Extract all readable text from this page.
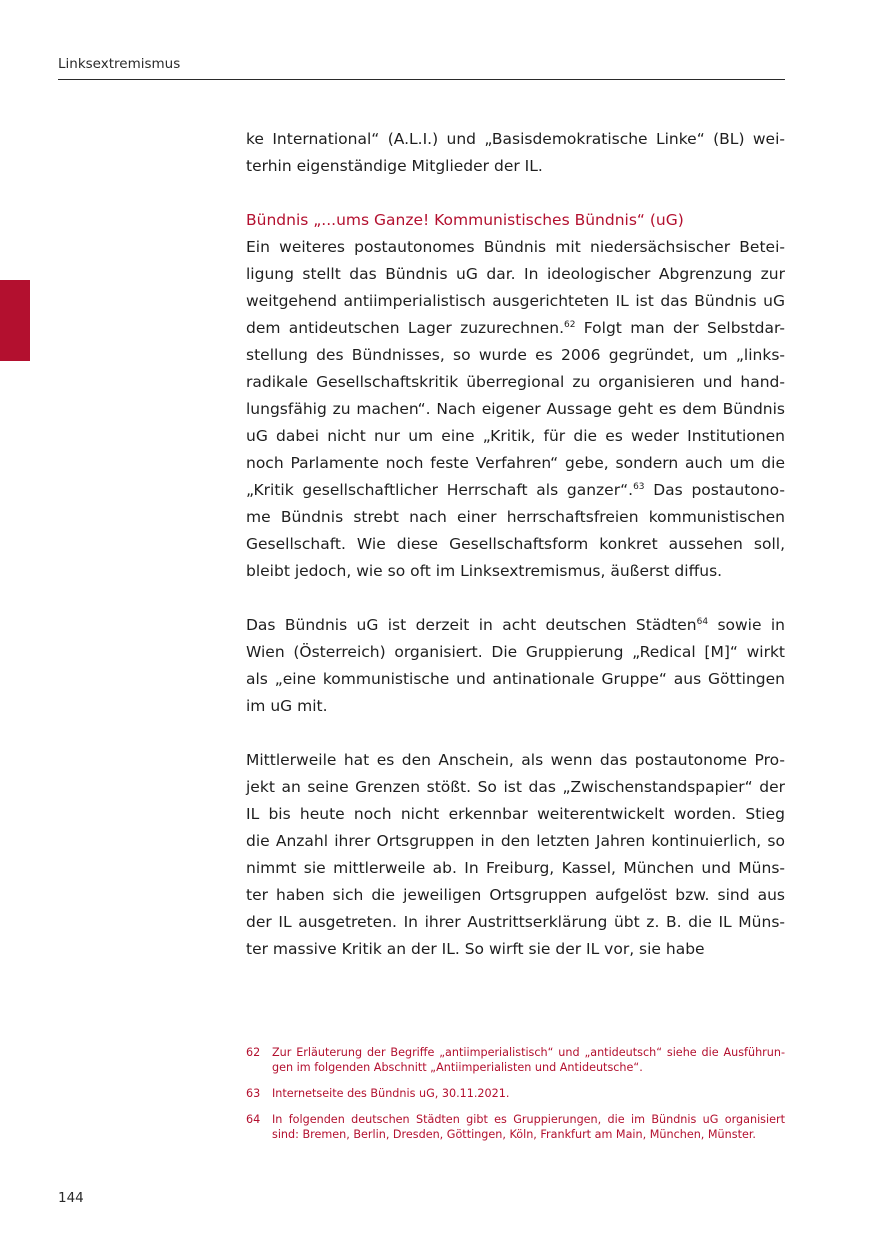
Linksextremismus

ke International“ (A.L.I.) und „Basisdemokratische Linke“ (BL) wei-
terhin eigenständige Mitglieder der IL.

Bündnis „...ums Ganze! Kommunistisches Bündnis“ (uG)

Ein weiteres postautonomes Bündnis mit niedersächsischer Betei-
ligung stellt das Bündnis uG dar. In ideologischer Abgrenzung zur
weitgehend antiimperialistisch ausgerichteten IL ist das Bündnis uG
dem antideutschen Lager zuzurechnen.$^{62}$ Folgt man der Selbstdar-
stellung des Bündnisses, so wurde es 2006 gegründet, um „links-
radikale Gesellschaftskritik überregional zu organisieren und hand-
lungsfähig zu machen“. Nach eigener Aussage geht es dem Bündnis
uG dabei nicht nur um eine „Kritik, für die es weder Institutionen
noch Parlamente noch feste Verfahren“ gebe, sondern auch um die
„Kritik gesellschaftlicher Herrschaft als ganzer“.$^{63}$ Das postautono-
me Bündnis strebt nach einer herrschaftsfreien kommunistischen
Gesellschaft. Wie diese Gesellschaftsform konkret aussehen soll,
bleibt jedoch, wie so oft im Linksextremismus, äußerst diffus.

Das Bündnis uG ist derzeit in acht deutschen Städten$^{64}$ sowie in
Wien (Österreich) organisiert. Die Gruppierung „Redical [M]“ wirkt
als „eine kommunistische und antinationale Gruppe“ aus Göttingen
im uG mit.

Mittlerweile hat es den Anschein, als wenn das postautonome Pro-
jekt an seine Grenzen stößt. So ist das „Zwischenstandspapier“ der
IL bis heute noch nicht erkennbar weiterentwickelt worden. Stieg
die Anzahl ihrer Ortsgruppen in den letzten Jahren kontinuierlich, so
nimmt sie mittlerweile ab. In Freiburg, Kassel, München und Müns-
ter haben sich die jeweiligen Ortsgruppen aufgelöst bzw. sind aus
der IL ausgetreten. In ihrer Austrittserklärung übt z. B. die IL Müns-
ter massive Kritik an der IL. So wirft sie der IL vor, sie habe

62	Zur Erläuterung der Begriffe „antiimperialistisch“ und „antideutsch“ siehe die Ausführun-
gen im folgenden Abschnitt „Antiimperialisten und Antideutsche“.
63	Internetseite des Bündnis uG, 30.11.2021.
64	In folgenden deutschen Städten gibt es Gruppierungen, die im Bündnis uG organisiert
sind: Bremen, Berlin, Dresden, Göttingen, Köln, Frankfurt am Main, München, Münster.
144
